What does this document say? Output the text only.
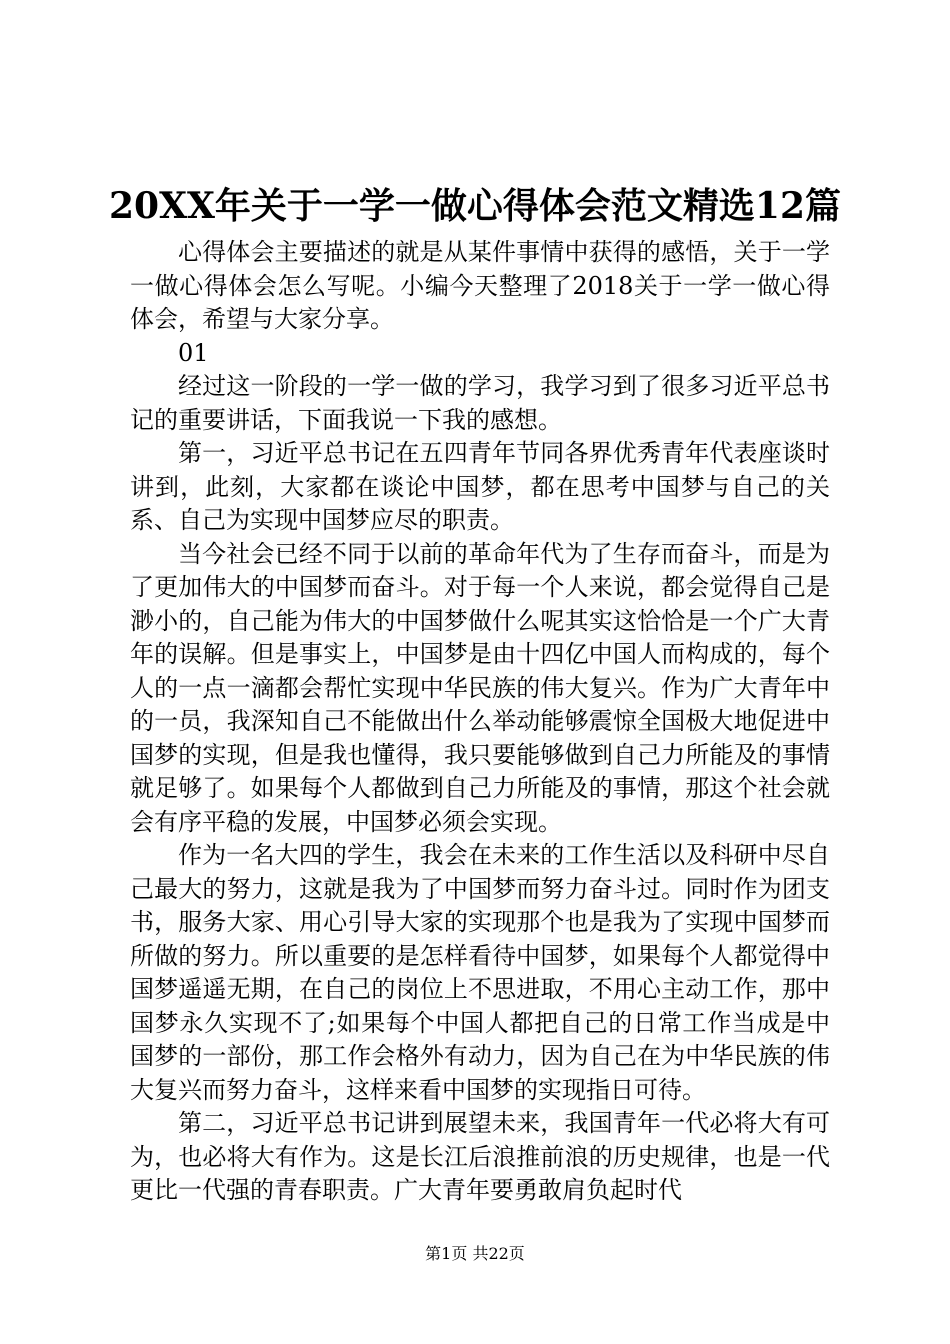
20XX年关于一学一做心得体会范文精选12篇

心得体会主要描述的就是从某件事情中获得的感悟，关于一学一做心得体会怎么写呢。小编今天整理了2018关于一学一做心得体会，希望与大家分享。

01

经过这一阶段的一学一做的学习，我学习到了很多习近平总书记的重要讲话，下面我说一下我的感想。

第一，习近平总书记在五四青年节同各界优秀青年代表座谈时讲到，此刻，大家都在谈论中国梦，都在思考中国梦与自己的关系、自己为实现中国梦应尽的职责。

当今社会已经不同于以前的革命年代为了生存而奋斗，而是为了更加伟大的中国梦而奋斗。对于每一个人来说，都会觉得自己是渺小的，自己能为伟大的中国梦做什么呢其实这恰恰是一个广大青年的误解。但是事实上，中国梦是由十四亿中国人而构成的，每个人的一点一滴都会帮忙实现中华民族的伟大复兴。作为广大青年中的一员，我深知自己不能做出什么举动能够震惊全国极大地促进中国梦的实现，但是我也懂得，我只要能够做到自己力所能及的事情就足够了。如果每个人都做到自己力所能及的事情，那这个社会就会有序平稳的发展，中国梦必须会实现。

作为一名大四的学生，我会在未来的工作生活以及科研中尽自己最大的努力，这就是我为了中国梦而努力奋斗过。同时作为团支书，服务大家、用心引导大家的实现那个也是我为了实现中国梦而所做的努力。所以重要的是怎样看待中国梦，如果每个人都觉得中国梦遥遥无期，在自己的岗位上不思进取，不用心主动工作，那中国梦永久实现不了;如果每个中国人都把自己的日常工作当成是中国梦的一部份，那工作会格外有动力，因为自己在为中华民族的伟大复兴而努力奋斗，这样来看中国梦的实现指日可待。

第二，习近平总书记讲到展望未来，我国青年一代必将大有可为，也必将大有作为。这是长江后浪推前浪的历史规律，也是一代更比一代强的青春职责。广大青年要勇敢肩负起时代

第1页 共22页
